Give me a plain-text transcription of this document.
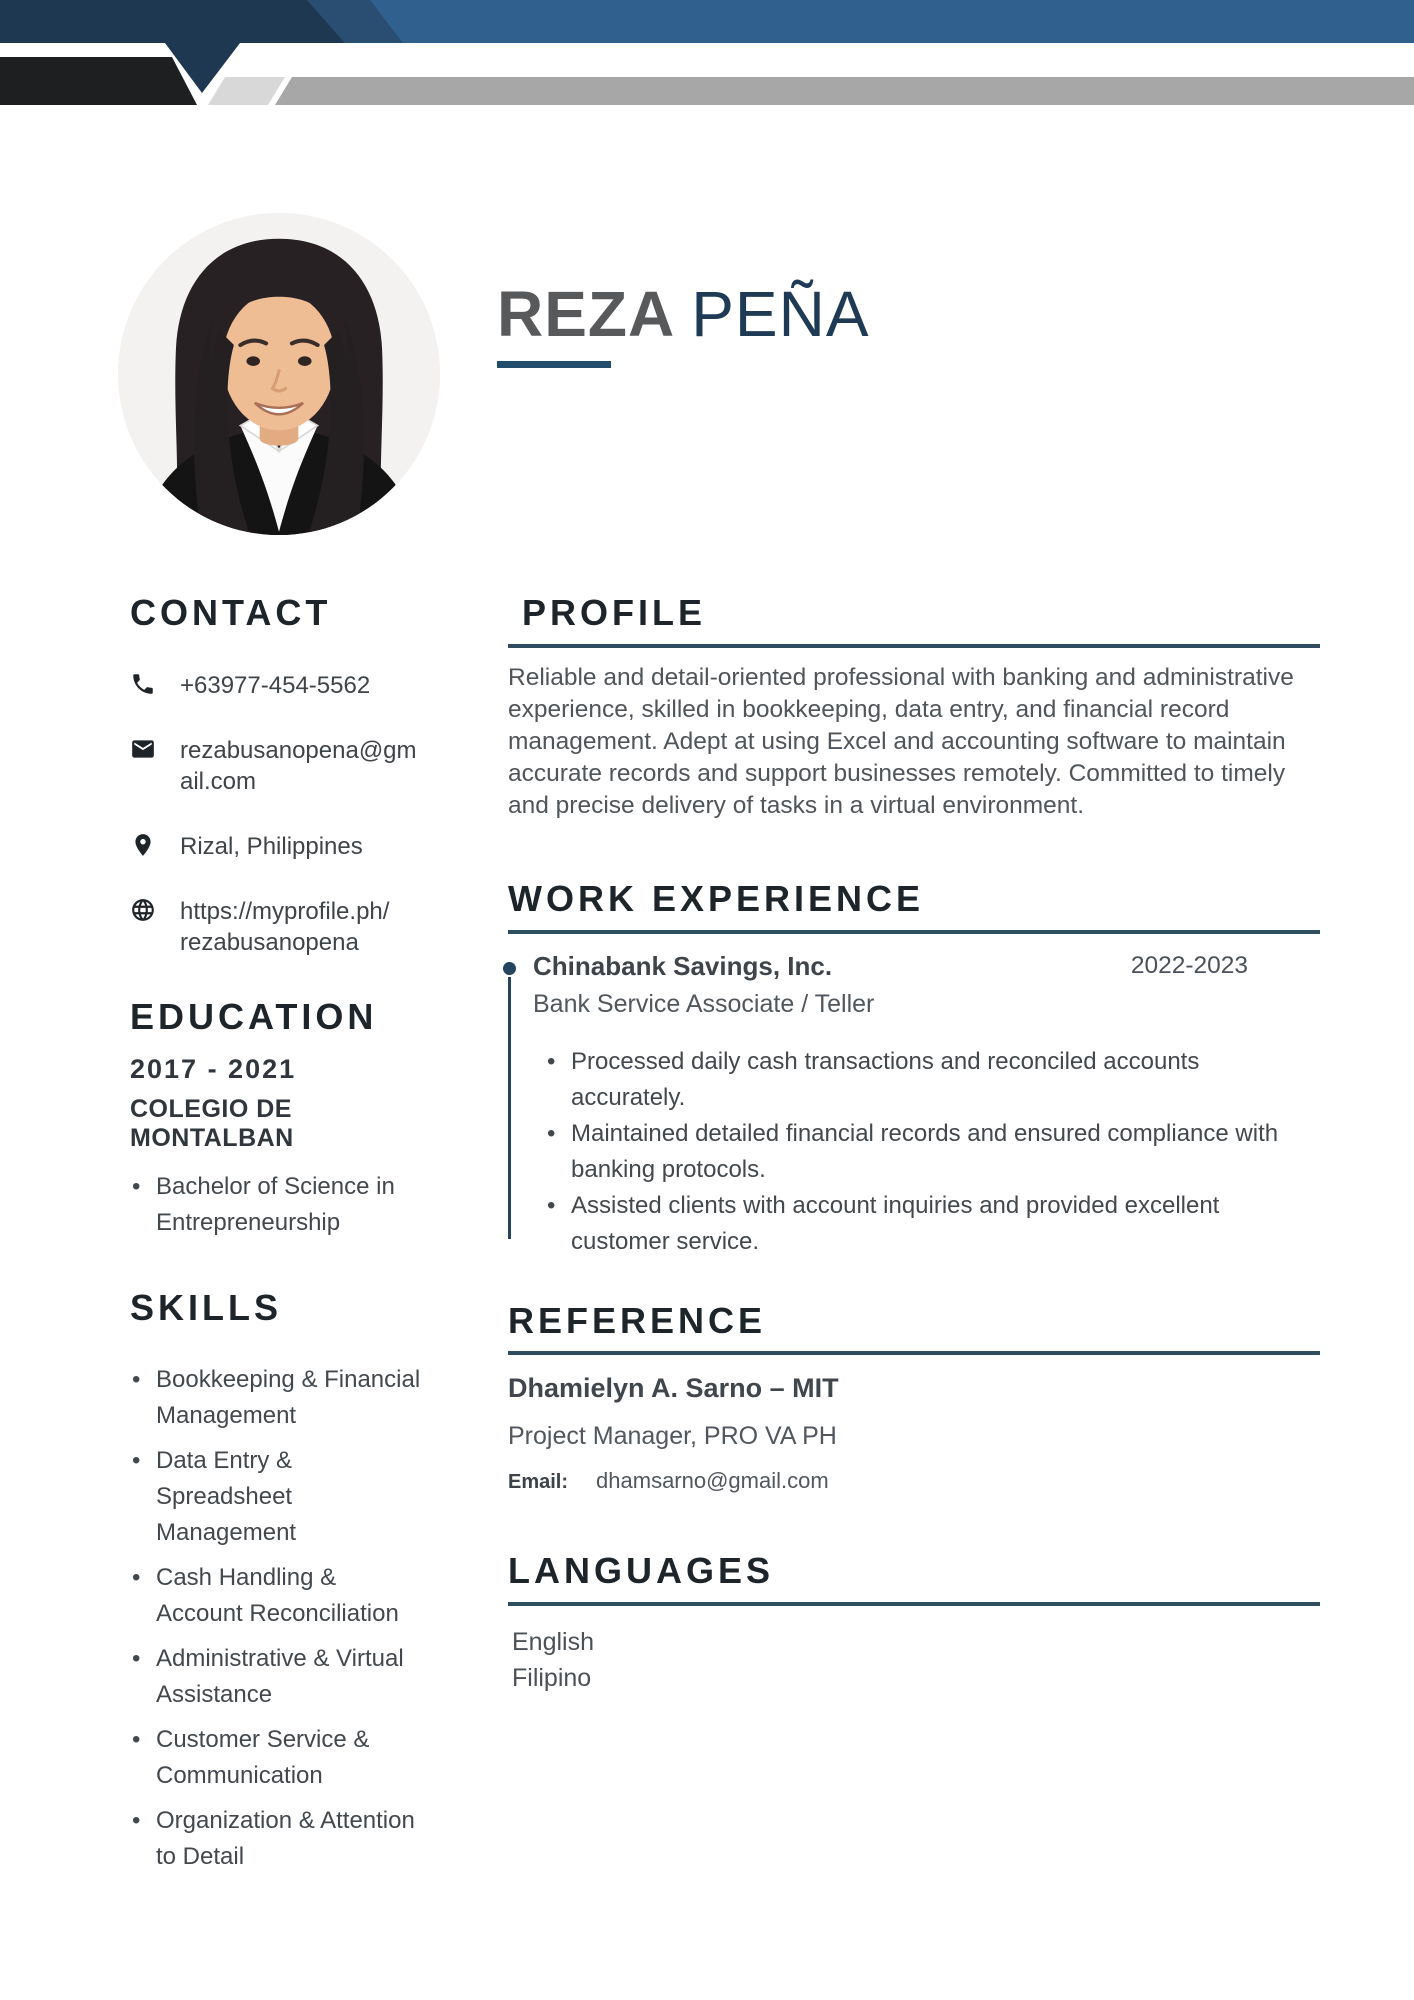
REZA PEÑA
CONTACT
+63977-454-5562
rezabusanopena@gmail.com
Rizal, Philippines
https://myprofile.ph/
rezabusanopena
EDUCATION
2017 - 2021
COLEGIO DE MONTALBAN
• Bachelor of Science in Entrepreneurship
SKILLS
• Bookkeeping & Financial Management
• Data Entry & Spreadsheet Management
• Cash Handling & Account Reconciliation
• Administrative & Virtual Assistance
• Customer Service & Communication
• Organization & Attention to Detail
PROFILE

Reliable and detail-oriented professional with banking and administrative experience, skilled in bookkeeping, data entry, and financial record management. Adept at using Excel and accounting software to maintain accurate records and support businesses remotely. Committed to timely and precise delivery of tasks in a virtual environment.

WORK EXPERIENCE
Chinabank Savings, Inc.
Bank Service Associate / Teller
2022-2023
• Processed daily cash transactions and reconciled accounts accurately.
• Maintained detailed financial records and ensured compliance with banking protocols.
• Assisted clients with account inquiries and provided excellent customer service.
REFERENCE
Dhamielyn A. Sarno – MIT
Project Manager, PRO VA PH
Email: dhamsarno@gmail.com
LANGUAGES
English
Filipino
